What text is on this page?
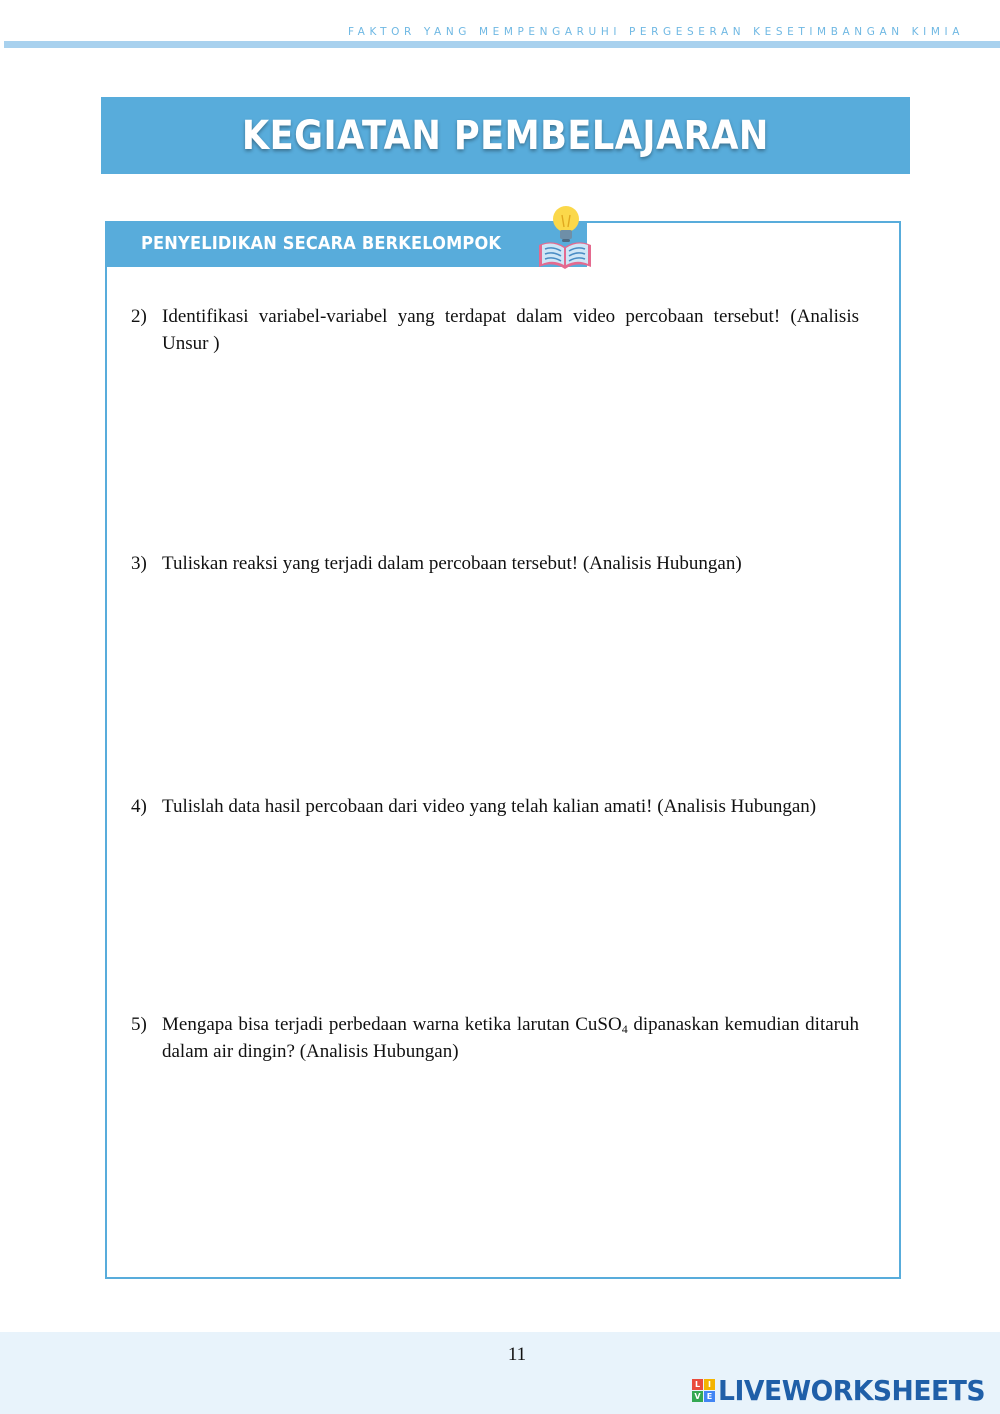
FAKTOR YANG MEMPENGARUHI PERGESERAN KESETIMBANGAN KIMIA
KEGIATAN PEMBELAJARAN
PENYELIDIKAN SECARA BERKELOMPOK
2) Identifikasi variabel-variabel yang terdapat dalam video percobaan tersebut! (Analisis Unsur )
3) Tuliskan reaksi yang terjadi dalam percobaan tersebut! (Analisis Hubungan)
4) Tulislah data hasil percobaan dari video yang telah kalian amati! (Analisis Hubungan)
5) Mengapa bisa terjadi perbedaan warna ketika larutan CuSO$_4$ dipanaskan kemudian ditaruh dalam air dingin? (Analisis Hubungan)
11
L I
V E LIVEWORKSHEETS
